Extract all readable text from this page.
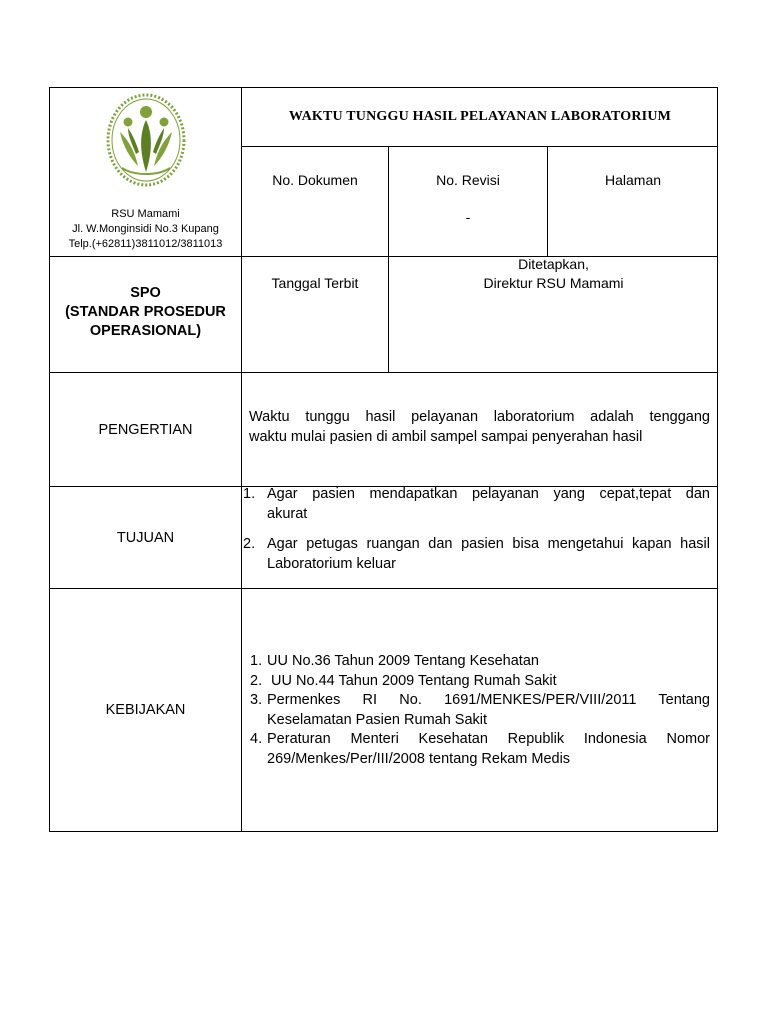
RSU Mamami
Jl. W.Monginsidi No.3 Kupang
Telp.(+62811)3811012/3811013
WAKTU TUNGGU HASIL PELAYANAN LABORATORIUM
No. Dokumen	No. Revisi
-
Halaman
SPO
(STANDAR PROSEDUR
OPERASIONAL)
Tanggal Terbit
Ditetapkan,
Direktur RSU Mamami
PENGERTIAN
Waktu tunggu hasil pelayanan laboratorium adalah tenggang
waktu mulai pasien di ambil sampel sampai penyerahan hasil
TUJUAN
1. Agar pasien mendapatkan pelayanan yang cepat,tepat dan
akurat
2. Agar petugas ruangan dan pasien bisa mengetahui kapan hasil
Laboratorium keluar
KEBIJAKAN
1. UU No.36 Tahun 2009 Tentang Kesehatan
2. UU No.44 Tahun 2009 Tentang Rumah Sakit
3. Permenkes RI No. 1691/MENKES/PER/VIII/2011 Tentang
Keselamatan Pasien Rumah Sakit
4. Peraturan Menteri Kesehatan Republik Indonesia Nomor
269/Menkes/Per/III/2008 tentang Rekam Medis
